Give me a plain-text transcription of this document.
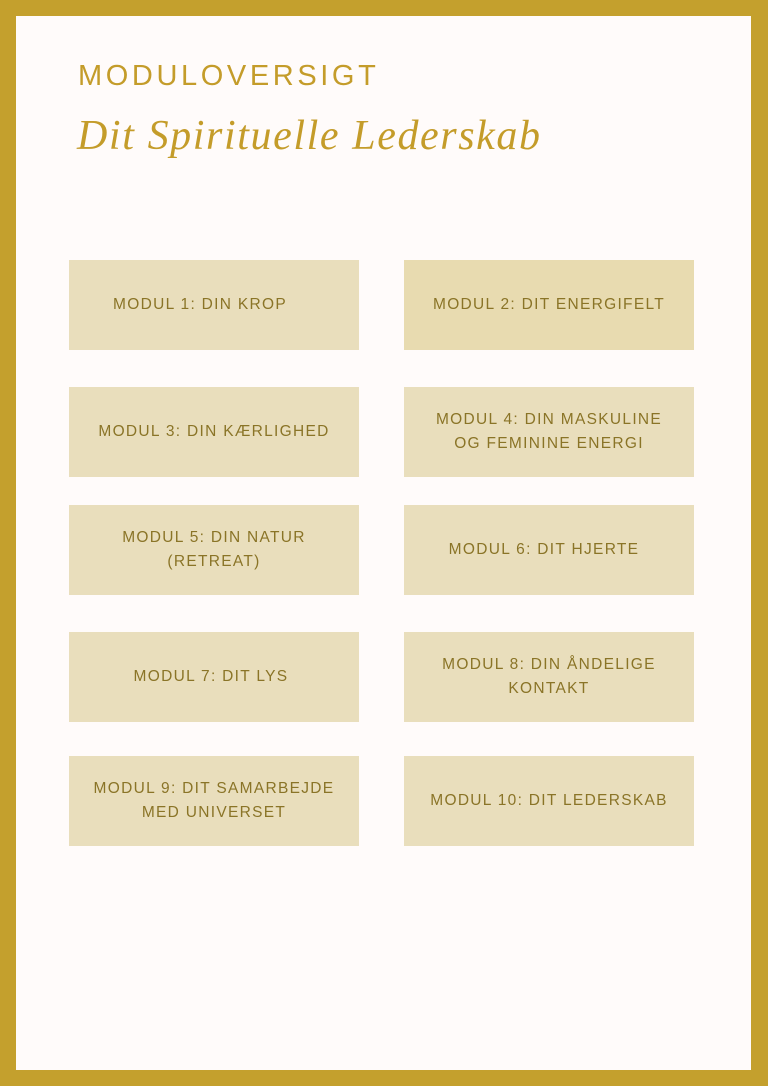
MODULOVERSIGT
Dit Spirituelle Lederskab
MODUL 1: DIN KROP	MODUL 2: DIT ENERGIFELT
MODUL 3: DIN KÆRLIGHED
MODUL 4: DIN MASKULINE
OG FEMININE ENERGI
MODUL 5: DIN NATUR
(RETREAT)
MODUL 6: DIT HJERTE
MODUL 7: DIT LYS
MODUL 8: DIN ÅNDELIGE
KONTAKT
MODUL 9: DIT SAMARBEJDE
MED UNIVERSET
MODUL 10: DIT LEDERSKAB
